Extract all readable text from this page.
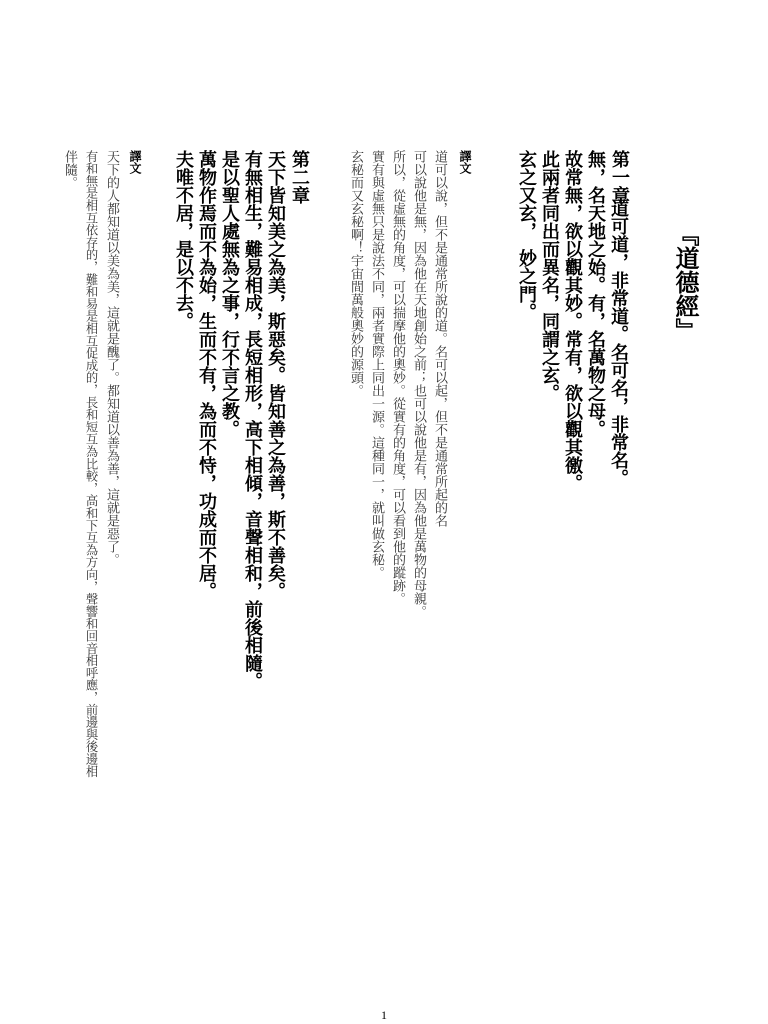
『道德經』
第一章
道可道，非常道。名可名，非常名。
無，名天地之始。有，名萬物之母。
故常無，欲以觀其妙。常有，欲以觀其徼。
此兩者同出而異名，同謂之玄。
玄之又玄，　妙之門。
譯文
道可以說，但不是通常所說的道。名可以起，但不是通常所起的名
可以說他是無，因為他在天地創始之前；也可以說他是有，因為他是萬物的母親。
所以，從虛無的角度，可以揣摩他的奧妙。從實有的角度，可以看到他的蹤跡。
實有與虛無只是說法不同，兩者實際上同出一源。這種同一，就叫做玄秘。
玄秘而又玄秘啊！宇宙間萬般奧妙的源頭。
第二章
天下皆知美之為美，斯惡矣。皆知善之為善，斯不善矣。
有無相生，難易相成，長短相形，高下相傾，音聲相和，前後相隨。
是以聖人處無為之事，行不言之教。
萬物作焉而不為始，生而不有，為而不恃，功成而不居。
夫唯不居，是以不去。
譯文
天下的人都知道以美為美，這就是醜了。都知道以善為善，這就是惡了。
有和無是相互依存的，難和易是相互促成的，長和短互為比較，高和下互為方向，聲響和回音相呼應，前邊與後邊相
伴隨。
1
